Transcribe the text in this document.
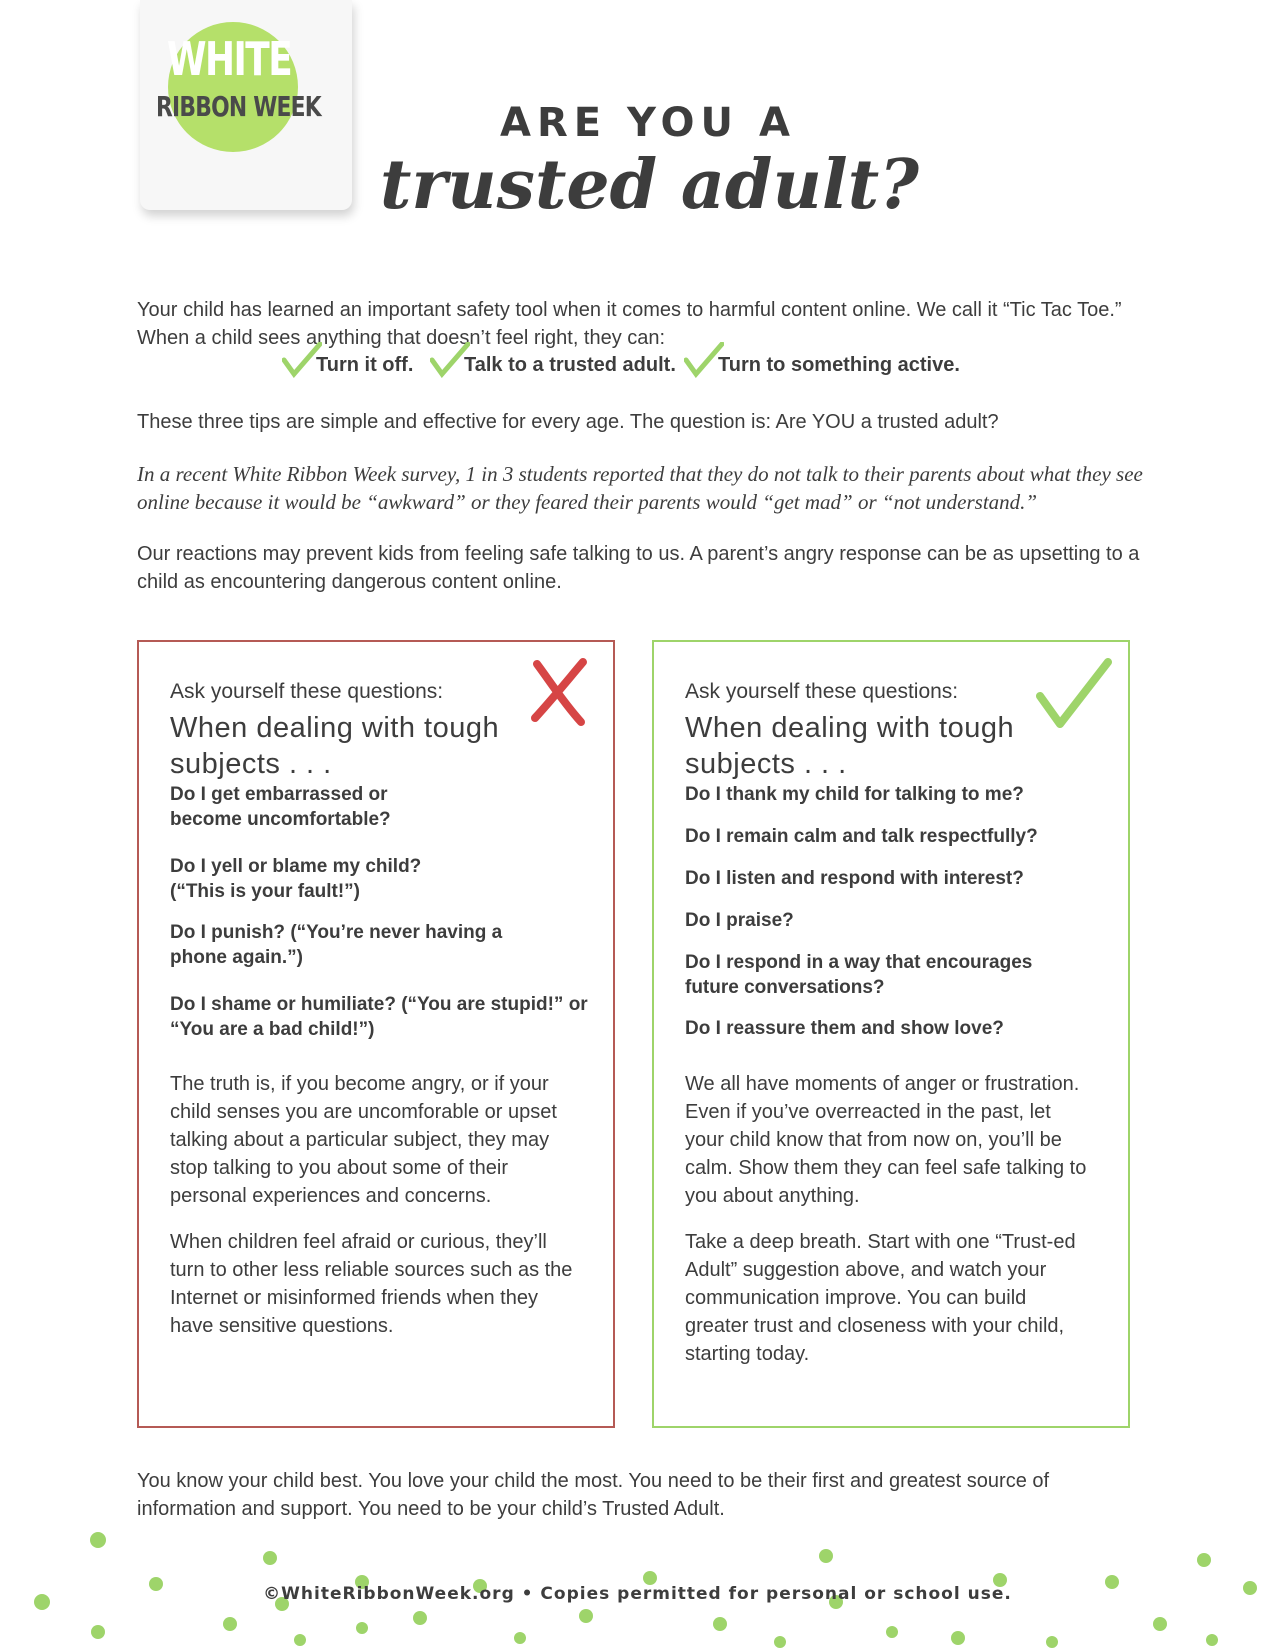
WHITE
RIBBON WEEK	ARE YOU A
trusted adult?
Your child has learned an important safety tool when it comes to harmful content online. We call it “Tic Tac Toe.” When a child sees anything that doesn’t feel right, they can:
Turn it off.	Talk to a trusted adult. Turn to something active.
These three tips are simple and effective for every age. The question is: Are YOU a trusted adult?
In a recent White Ribbon Week survey, 1 in 3 students reported that they do not talk to their parents about what they see online because it would be “awkward” or they feared their parents would “get mad” or “not understand.”
Our reactions may prevent kids from feeling safe talking to us. A parent’s angry response can be as upsetting to a child as encountering dangerous content online.
Ask yourself these questions:
When dealing with tough subjects . . .
Do I get embarrassed or become uncomfortable?
Do I yell or blame my child? (“This is your fault!”)
Do I punish? (“You’re never having a phone again.”)
Do I shame or humiliate? (“You are stupid!” or “You are a bad child!”)
The truth is, if you become angry, or if your child senses you are uncomforable or upset talking about a particular subject, they may stop talking to you about some of their personal experiences and concerns.
When children feel afraid or curious, they’ll turn to other less reliable sources such as the Internet or misinformed friends when they have sensitive questions.
Ask yourself these questions:
When dealing with tough subjects . . .
Do I thank my child for talking to me?
Do I remain calm and talk respectfully?
Do I listen and respond with interest?
Do I praise?
Do I respond in a way that encourages future conversations?
Do I reassure them and show love?
We all have moments of anger or frustration. Even if you’ve overreacted in the past, let your child know that from now on, you’ll be calm. Show them they can feel safe talking to you about anything.
Take a deep breath. Start with one “Trust-ed Adult” suggestion above, and watch your communication improve. You can build greater trust and closeness with your child, starting today.
You know your child best. You love your child the most. You need to be their first and greatest source of information and support. You need to be your child’s Trusted Adult.
©WhiteRibbonWeek.org • Copies permitted for personal or school use.
